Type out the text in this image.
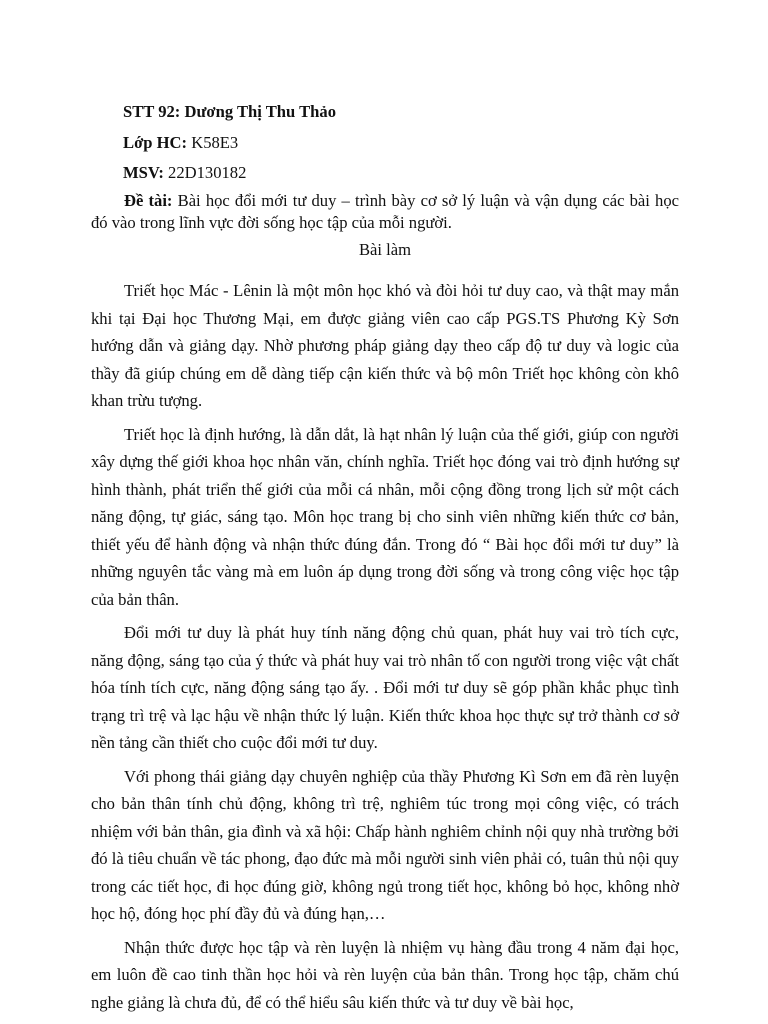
STT 92: Dương Thị Thu Thảo
Lớp HC: K58E3
MSV: 22D130182

Đề tài: Bài học đổi mới tư duy – trình bày cơ sở lý luận và vận dụng các bài học đó vào trong lĩnh vực đời sống học tập của mỗi người.

Bài làm

Triết học Mác - Lênin là một môn học khó và đòi hỏi tư duy cao, và thật may mắn khi tại Đại học Thương Mại, em được giảng viên cao cấp PGS.TS Phương Kỳ Sơn hướng dẫn và giảng dạy. Nhờ phương pháp giảng dạy theo cấp độ tư duy và logic của thầy đã giúp chúng em dễ dàng tiếp cận kiến thức và bộ môn Triết học không còn khô khan trừu tượng.

Triết học là định hướng, là dẫn dắt, là hạt nhân lý luận của thế giới, giúp con người xây dựng thế giới khoa học nhân văn, chính nghĩa. Triết học đóng vai trò định hướng sự hình thành, phát triển thế giới của mỗi cá nhân, mỗi cộng đồng trong lịch sử một cách năng động, tự giác, sáng tạo. Môn học trang bị cho sinh viên những kiến thức cơ bản, thiết yếu để hành động và nhận thức đúng đắn. Trong đó “ Bài học đổi mới tư duy” là những nguyên tắc vàng mà em luôn áp dụng trong đời sống và trong công việc học tập của bản thân.

Đổi mới tư duy là phát huy tính năng động chủ quan, phát huy vai trò tích cực, năng động, sáng tạo của ý thức và phát huy vai trò nhân tố con người trong việc vật chất hóa tính tích cực, năng động sáng tạo ấy. . Đổi mới tư duy sẽ góp phần khắc phục tình trạng trì trệ và lạc hậu về nhận thức lý luận. Kiến thức khoa học thực sự trở thành cơ sở nền tảng cần thiết cho cuộc đổi mới tư duy.

Với phong thái giảng dạy chuyên nghiệp của thầy Phương Kì Sơn em đã rèn luyện cho bản thân tính chủ động, không trì trệ, nghiêm túc trong mọi công việc, có trách nhiệm với bản thân, gia đình và xã hội: Chấp hành nghiêm chỉnh nội quy nhà trường bởi đó là tiêu chuẩn về tác phong, đạo đức mà mỗi người sinh viên phải có, tuân thủ nội quy trong các tiết học, đi học đúng giờ, không ngủ trong tiết học, không bỏ học, không nhờ học hộ, đóng học phí đầy đủ và đúng hạn,…

Nhận thức được học tập và rèn luyện là nhiệm vụ hàng đầu trong 4 năm đại học, em luôn đề cao tinh thần học hỏi và rèn luyện của bản thân. Trong học tập, chăm chú nghe giảng là chưa đủ, để có thể hiểu sâu kiến thức và tư duy về bài học,
